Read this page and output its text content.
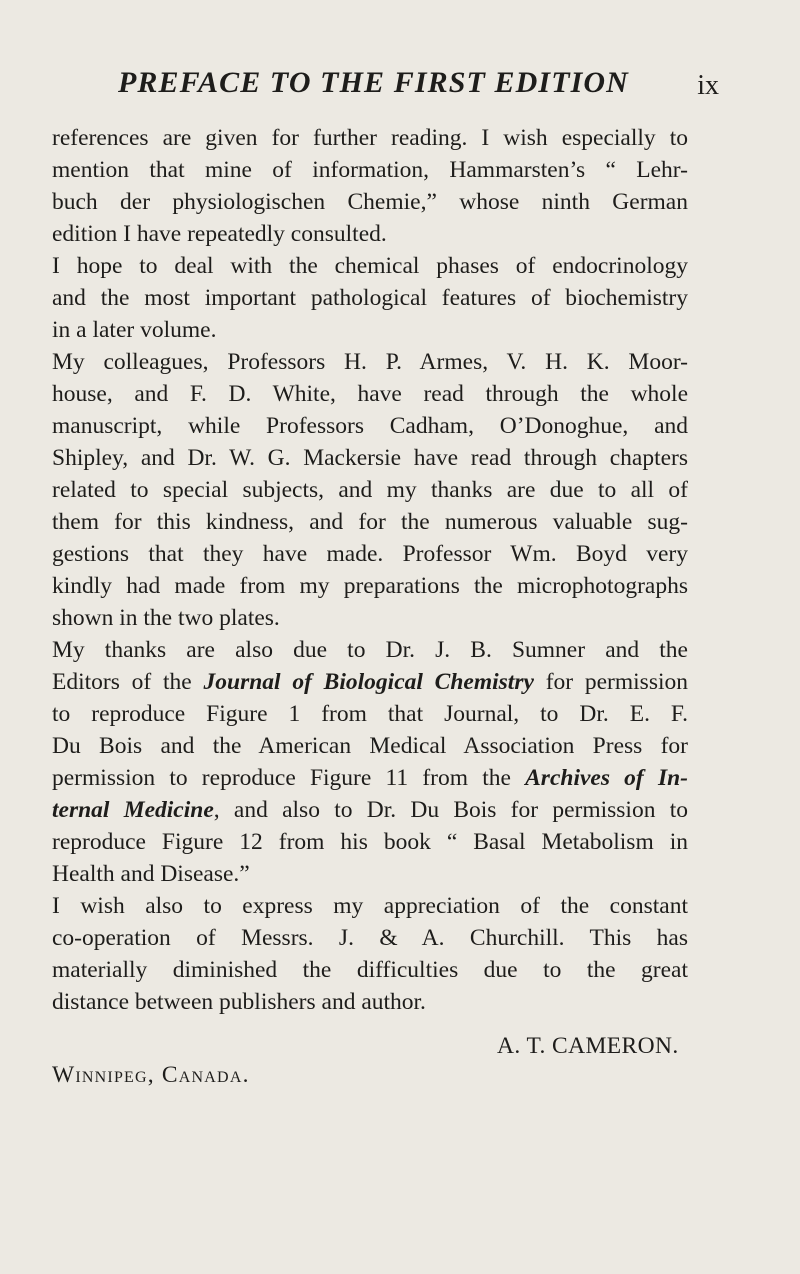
PREFACE TO THE FIRST EDITION ix
references are given for further reading. I wish especially to
mention that mine of information, Hammarsten’s “ Lehr-
buch der physiologischen Chemie,” whose ninth German
edition I have repeatedly consulted.
I hope to deal with the chemical phases of endocrinology
and the most important pathological features of biochemistry
in a later volume.
My colleagues, Professors H. P. Armes, V. H. K. Moor-
house, and F. D. White, have read through the whole
manuscript, while Professors Cadham, O’Donoghue, and
Shipley, and Dr. W. G. Mackersie have read through chapters
related to special subjects, and my thanks are due to all of
them for this kindness, and for the numerous valuable sug-
gestions that they have made. Professor Wm. Boyd very
kindly had made from my preparations the microphotographs
shown in the two plates.
My thanks are also due to Dr. J. B. Sumner and the
Editors of the Journal of Biological Chemistry for permission
to reproduce Figure 1 from that Journal, to Dr. E. F.
Du Bois and the American Medical Association Press for
permission to reproduce Figure 11 from the Archives of In-
ternal Medicine, and also to Dr. Du Bois for permission to
reproduce Figure 12 from his book “ Basal Metabolism in
Health and Disease.”
I wish also to express my appreciation of the constant
co-operation of Messrs. J. & A. Churchill. This has
materially diminished the difficulties due to the great
distance between publishers and author.
A. T. CAMERON.
Winnipeg, Canada.
